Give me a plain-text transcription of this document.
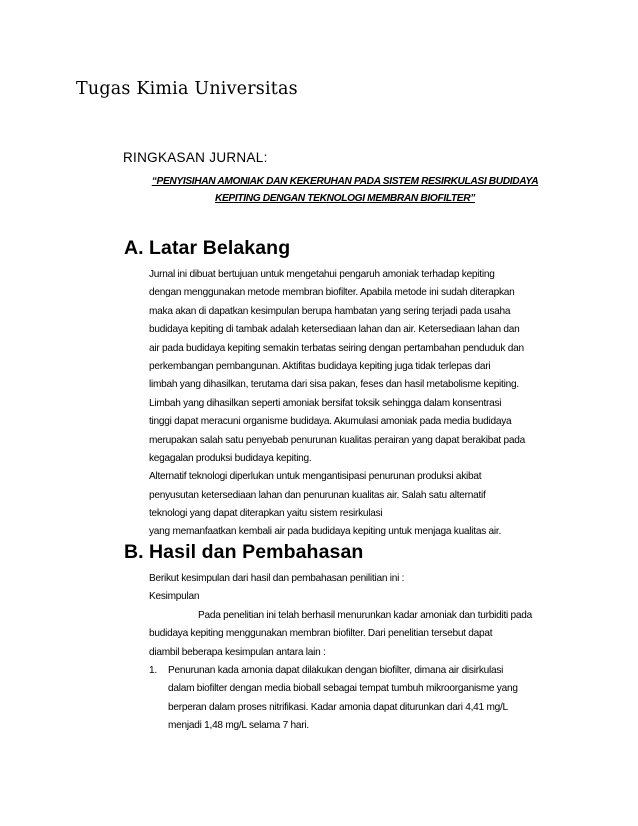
Tugas Kimia Universitas
RINGKASAN JURNAL:
“PENYISIHAN AMONIAK DAN KEKERUHAN PADA SISTEM RESIRKULASI BUDIDAYA
KEPITING DENGAN TEKNOLOGI MEMBRAN BIOFILTER”
A. Latar Belakang
Jurnal ini dibuat bertujuan untuk mengetahui pengaruh amoniak terhadap kepiting
dengan menggunakan metode membran biofilter. Apabila metode ini sudah diterapkan
maka akan di dapatkan kesimpulan berupa hambatan yang sering terjadi pada usaha
budidaya kepiting di tambak adalah ketersediaan lahan dan air. Ketersediaan lahan dan
air pada budidaya kepiting semakin terbatas seiring dengan pertambahan penduduk dan
perkembangan pembangunan. Aktifitas budidaya kepiting juga tidak terlepas dari
limbah yang dihasilkan, terutama dari sisa pakan, feses dan hasil metabolisme kepiting.
Limbah yang dihasilkan seperti amoniak bersifat toksik sehingga dalam konsentrasi
tinggi dapat meracuni organisme budidaya. Akumulasi amoniak pada media budidaya
merupakan salah satu penyebab penurunan kualitas perairan yang dapat berakibat pada
kegagalan produksi budidaya kepiting.
Alternatif teknologi diperlukan untuk mengantisipasi penurunan produksi akibat
penyusutan ketersediaan lahan dan penurunan kualitas air. Salah satu alternatif
teknologi yang dapat diterapkan yaitu sistem resirkulasi
yang memanfaatkan kembali air pada budidaya kepiting untuk menjaga kualitas air.
B. Hasil dan Pembahasan
Berikut kesimpulan dari hasil dan pembahasan penilitian ini :
Kesimpulan
Pada penelitian ini telah berhasil menurunkan kadar amoniak dan turbiditi pada
budidaya kepiting menggunakan membran biofilter. Dari penelitian tersebut dapat
diambil beberapa kesimpulan antara lain :
1. Penurunan kada amonia dapat dilakukan dengan biofilter, dimana air disirkulasi
dalam biofilter dengan media bioball sebagai tempat tumbuh mikroorganisme yang
berperan dalam proses nitrifikasi. Kadar amonia dapat diturunkan dari 4,41 mg/L
menjadi 1,48 mg/L selama 7 hari.
